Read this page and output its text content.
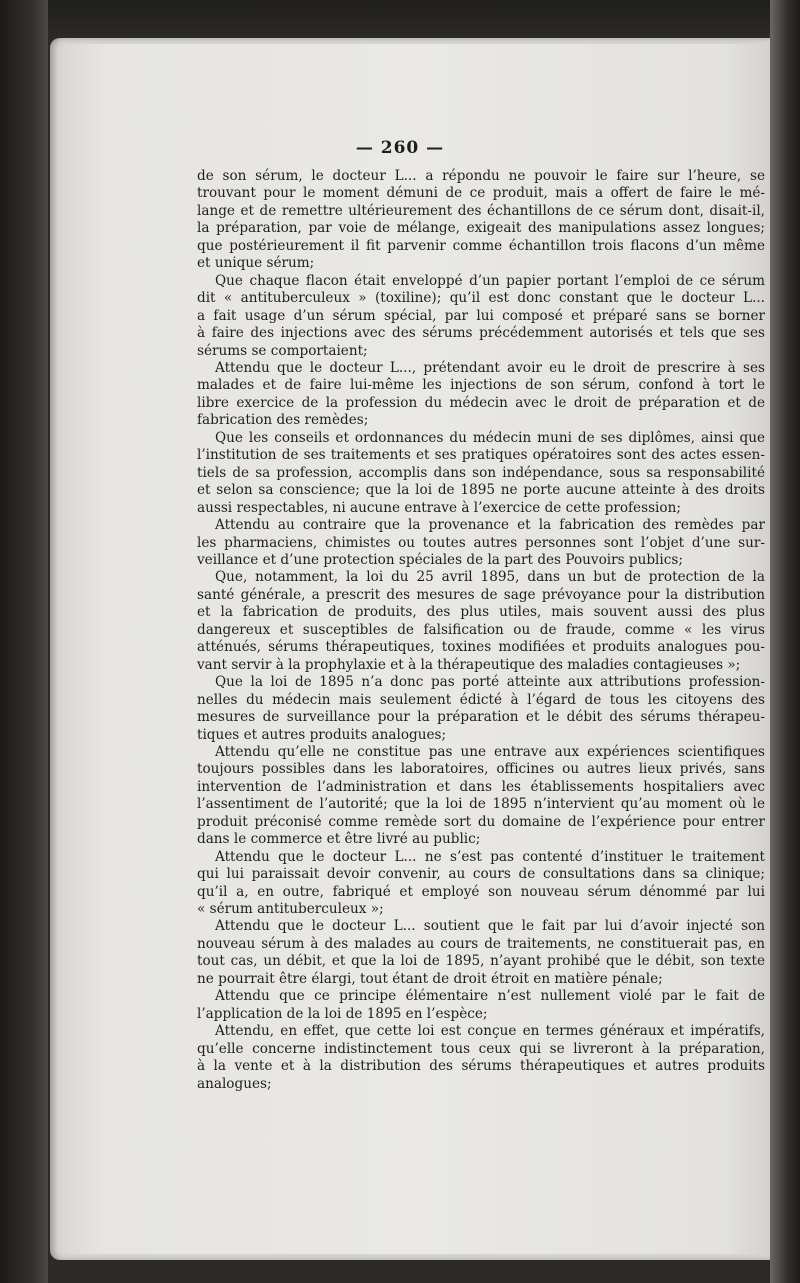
— 260 —
de son sérum, le docteur L... a répondu ne pouvoir le faire sur l’heure, se
trouvant pour le moment démuni de ce produit, mais a offert de faire le mé-
lange et de remettre ultérieurement des échantillons de ce sérum dont, disait-il,
la préparation, par voie de mélange, exigeait des manipulations assez longues;
que postérieurement il fit parvenir comme échantillon trois flacons d’un même
et unique sérum;
Que chaque flacon était enveloppé d’un papier portant l’emploi de ce sérum
dit « antituberculeux » (toxiline); qu’il est donc constant que le docteur L...
a fait usage d’un sérum spécial, par lui composé et préparé sans se borner
à faire des injections avec des sérums précédemment autorisés et tels que ses
sérums se comportaient;
Attendu que le docteur L..., prétendant avoir eu le droit de prescrire à ses
malades et de faire lui-même les injections de son sérum, confond à tort le
libre exercice de la profession du médecin avec le droit de préparation et de
fabrication des remèdes;
Que les conseils et ordonnances du médecin muni de ses diplômes, ainsi que
l’institution de ses traitements et ses pratiques opératoires sont des actes essen-
tiels de sa profession, accomplis dans son indépendance, sous sa responsabilité
et selon sa conscience; que la loi de 1895 ne porte aucune atteinte à des droits
aussi respectables, ni aucune entrave à l’exercice de cette profession;
Attendu au contraire que la provenance et la fabrication des remèdes par
les pharmaciens, chimistes ou toutes autres personnes sont l’objet d’une sur-
veillance et d’une protection spéciales de la part des Pouvoirs publics;
Que, notamment, la loi du 25 avril 1895, dans un but de protection de la
santé générale, a prescrit des mesures de sage prévoyance pour la distribution
et la fabrication de produits, des plus utiles, mais souvent aussi des plus
dangereux et susceptibles de falsification ou de fraude, comme « les virus
atténués, sérums thérapeutiques, toxines modifiées et produits analogues pou-
vant servir à la prophylaxie et à la thérapeutique des maladies contagieuses »;
Que la loi de 1895 n’a donc pas porté atteinte aux attributions profession-
nelles du médecin mais seulement édicté à l’égard de tous les citoyens des
mesures de surveillance pour la préparation et le débit des sérums thérapeu-
tiques et autres produits analogues;
Attendu qu’elle ne constitue pas une entrave aux expériences scientifiques
toujours possibles dans les laboratoires, officines ou autres lieux privés, sans
intervention de l’administration et dans les établissements hospitaliers avec
l’assentiment de l’autorité; que la loi de 1895 n’intervient qu’au moment où le
produit préconisé comme remède sort du domaine de l’expérience pour entrer
dans le commerce et être livré au public;
Attendu que le docteur L... ne s’est pas contenté d’instituer le traitement
qui lui paraissait devoir convenir, au cours de consultations dans sa clinique;
qu’il a, en outre, fabriqué et employé son nouveau sérum dénommé par lui
« sérum antituberculeux »;
Attendu que le docteur L... soutient que le fait par lui d’avoir injecté son
nouveau sérum à des malades au cours de traitements, ne constituerait pas, en
tout cas, un débit, et que la loi de 1895, n’ayant prohibé que le débit, son texte
ne pourrait être élargi, tout étant de droit étroit en matière pénale;
Attendu que ce principe élémentaire n’est nullement violé par le fait de
l’application de la loi de 1895 en l’espèce;
Attendu, en effet, que cette loi est conçue en termes généraux et impératifs,
qu’elle concerne indistinctement tous ceux qui se livreront à la préparation,
à la vente et à la distribution des sérums thérapeutiques et autres produits
analogues;
